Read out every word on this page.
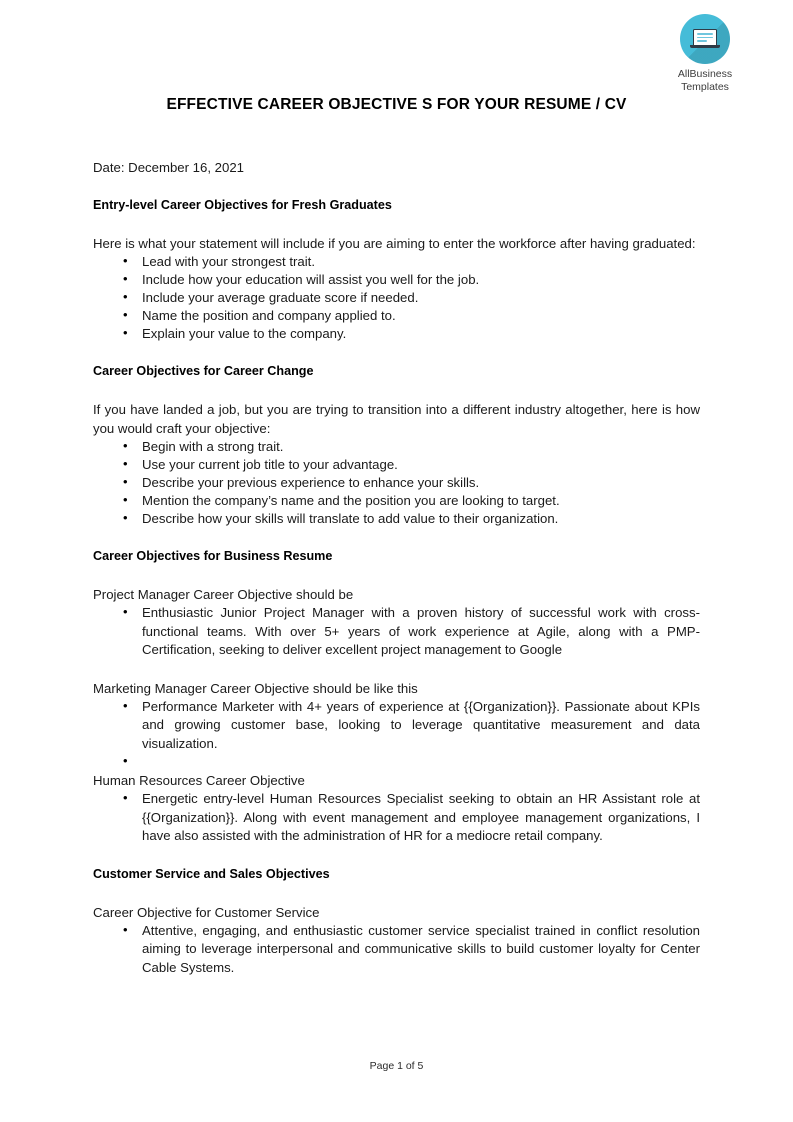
AllBusiness
Templates
EFFECTIVE CAREER OBJECTIVE S FOR YOUR RESUME / CV

Date: December 16, 2021

Entry-level Career Objectives for Fresh Graduates

Here is what your statement will include if you are aiming to enter the workforce after having graduated:

• Lead with your strongest trait.
• Include how your education will assist you well for the job.
• Include your average graduate score if needed.
• Name the position and company applied to.
• Explain your value to the company.

Career Objectives for Career Change

If you have landed a job, but you are trying to transition into a different industry altogether, here is how you would craft your objective:

• Begin with a strong trait.
• Use your current job title to your advantage.
• Describe your previous experience to enhance your skills.
• Mention the company’s name and the position you are looking to target.
• Describe how your skills will translate to add value to their organization.

Career Objectives for Business Resume

Project Manager Career Objective should be

• Enthusiastic Junior Project Manager with a proven history of successful work with cross-functional teams. With over 5+ years of work experience at Agile, along with a PMP-Certification, seeking to deliver excellent project management to Google

Marketing Manager Career Objective should be like this

• Performance Marketer with 4+ years of experience at {{Organization}}. Passionate about KPIs and growing customer base, looking to leverage quantitative measurement and data visualization.
•

Human Resources Career Objective

• Energetic entry-level Human Resources Specialist seeking to obtain an HR Assistant role at {{Organization}}. Along with event management and employee management organizations, I have also assisted with the administration of HR for a mediocre retail company.

Customer Service and Sales Objectives

Career Objective for Customer Service

• Attentive, engaging, and enthusiastic customer service specialist trained in conflict resolution aiming to leverage interpersonal and communicative skills to build customer loyalty for Center Cable Systems.
Page 1 of 5
